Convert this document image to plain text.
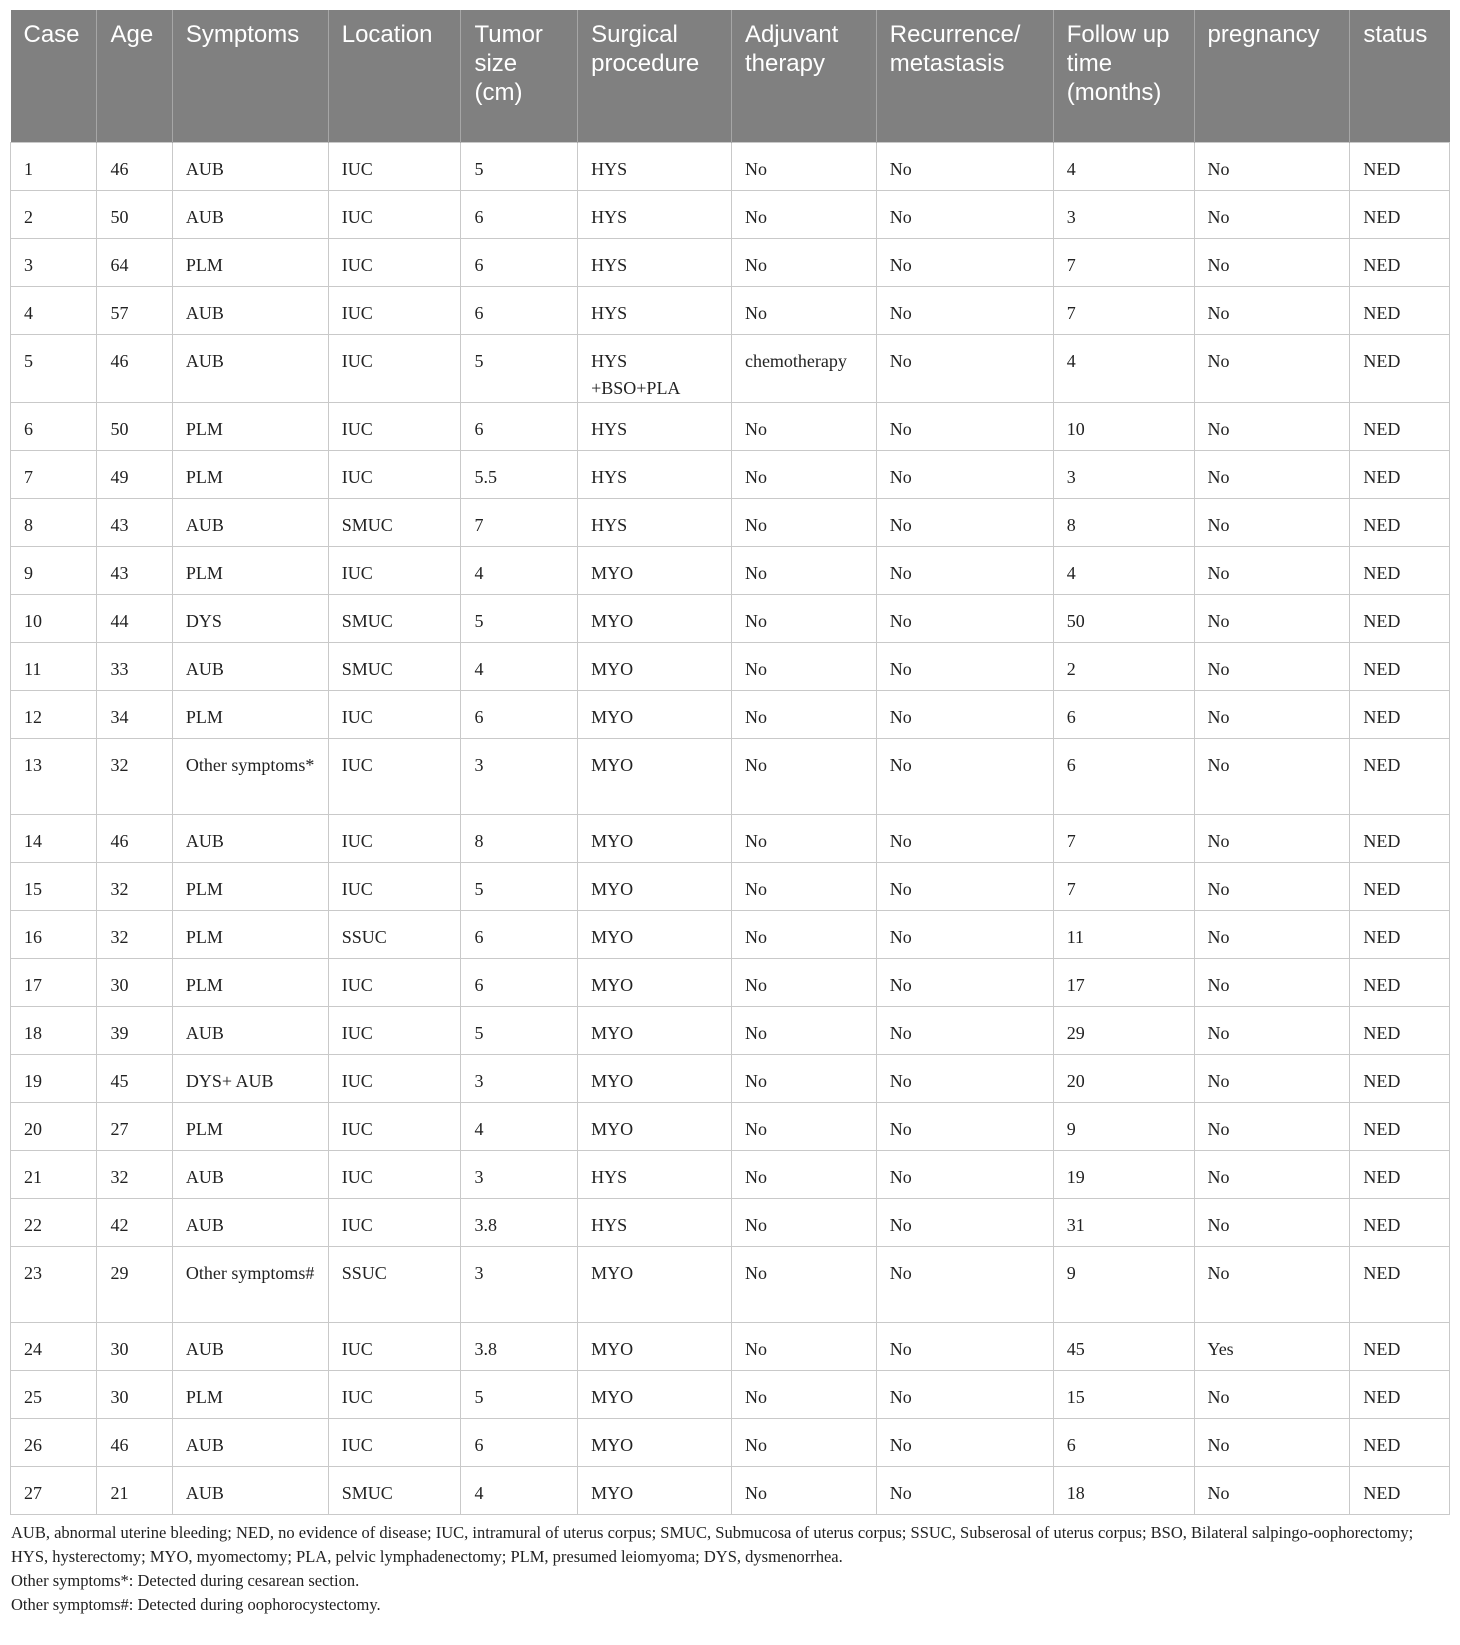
Case	Age	Symptoms	Location	Tumor size (cm)	Surgical procedure	Adjuvant therapy	Recurrence/ metastasis	Follow up time (months)	pregnancy	status
1	46	AUB	IUC	5	HYS	No	No	4	No	NED
2	50	AUB	IUC	6	HYS	No	No	3	No	NED
3	64	PLM	IUC	6	HYS	No	No	7	No	NED
4	57	AUB	IUC	6	HYS	No	No	7	No	NED
5	46	AUB	IUC	5	HYS +BSO+PLA	chemotherapy	No	4	No	NED
6	50	PLM	IUC	6	HYS	No	No	10	No	NED
7	49	PLM	IUC	5.5	HYS	No	No	3	No	NED
8	43	AUB	SMUC	7	HYS	No	No	8	No	NED
9	43	PLM	IUC	4	MYO	No	No	4	No	NED
10	44	DYS	SMUC	5	MYO	No	No	50	No	NED
11	33	AUB	SMUC	4	MYO	No	No	2	No	NED
12	34	PLM	IUC	6	MYO	No	No	6	No	NED
13	32	Other symptoms*	IUC	3	MYO	No	No	6	No	NED
14	46	AUB	IUC	8	MYO	No	No	7	No	NED
15	32	PLM	IUC	5	MYO	No	No	7	No	NED
16	32	PLM	SSUC	6	MYO	No	No	11	No	NED
17	30	PLM	IUC	6	MYO	No	No	17	No	NED
18	39	AUB	IUC	5	MYO	No	No	29	No	NED
19	45	DYS+ AUB	IUC	3	MYO	No	No	20	No	NED
20	27	PLM	IUC	4	MYO	No	No	9	No	NED
21	32	AUB	IUC	3	HYS	No	No	19	No	NED
22	42	AUB	IUC	3.8	HYS	No	No	31	No	NED
23	29	Other symptoms#	SSUC	3	MYO	No	No	9	No	NED
24	30	AUB	IUC	3.8	MYO	No	No	45	Yes	NED
25	30	PLM	IUC	5	MYO	No	No	15	No	NED
26	46	AUB	IUC	6	MYO	No	No	6	No	NED
27	21	AUB	SMUC	4	MYO	No	No	18	No	NED

AUB, abnormal uterine bleeding; NED, no evidence of disease; IUC, intramural of uterus corpus; SMUC, Submucosa of uterus corpus; SSUC, Subserosal of uterus corpus; BSO, Bilateral salpingo-oophorectomy; HYS, hysterectomy; MYO, myomectomy; PLA, pelvic lymphadenectomy; PLM, presumed leiomyoma; DYS, dysmenorrhea.

Other symptoms*: Detected during cesarean section.

Other symptoms#: Detected during oophorocystectomy.
